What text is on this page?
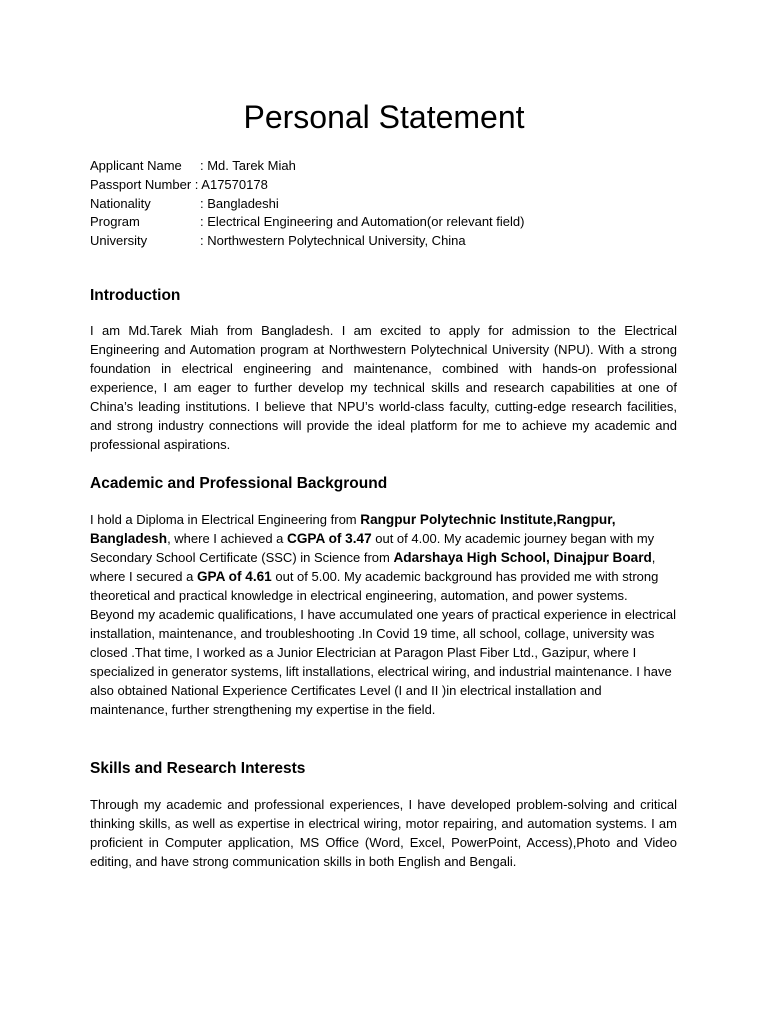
Personal Statement
Applicant Name : Md. Tarek Miah
Passport Number : A17570178
Nationality	: Bangladeshi
Program	: Electrical Engineering and Automation(or relevant field)
University	: Northwestern Polytechnical University, China
Introduction

I am Md.Tarek Miah from Bangladesh. I am excited to apply for admission to the Electrical Engineering and Automation program at Northwestern Polytechnical University (NPU). With a strong foundation in electrical engineering and maintenance, combined with hands-on professional experience, I am eager to further develop my technical skills and research capabilities at one of China’s leading institutions. I believe that NPU’s world-class faculty, cutting-edge research facilities, and strong industry connections will provide the ideal platform for me to achieve my academic and professional aspirations.

Academic and Professional Background

I hold a Diploma in Electrical Engineering from Rangpur Polytechnic Institute,Rangpur, Bangladesh, where I achieved a CGPA of 3.47 out of 4.00. My academic journey began with my Secondary School Certificate (SSC) in Science from Adarshaya High School, Dinajpur Board, where I secured a GPA of 4.61 out of 5.00. My academic background has provided me with strong theoretical and practical knowledge in electrical engineering, automation, and power systems.

Beyond my academic qualifications, I have accumulated one years of practical experience in electrical installation, maintenance, and troubleshooting .In Covid 19 time, all school, collage, university was closed .That time, I worked as a Junior Electrician at Paragon Plast Fiber Ltd., Gazipur, where I specialized in generator systems, lift installations, electrical wiring, and industrial maintenance. I have also obtained National Experience Certificates Level (I and II )in electrical installation and maintenance, further strengthening my expertise in the field.

Skills and Research Interests

Through my academic and professional experiences, I have developed problem-solving and critical thinking skills, as well as expertise in electrical wiring, motor repairing, and automation systems. I am proficient in Computer application, MS Office (Word, Excel, PowerPoint, Access),Photo and Video editing, and have strong communication skills in both English and Bengali.
